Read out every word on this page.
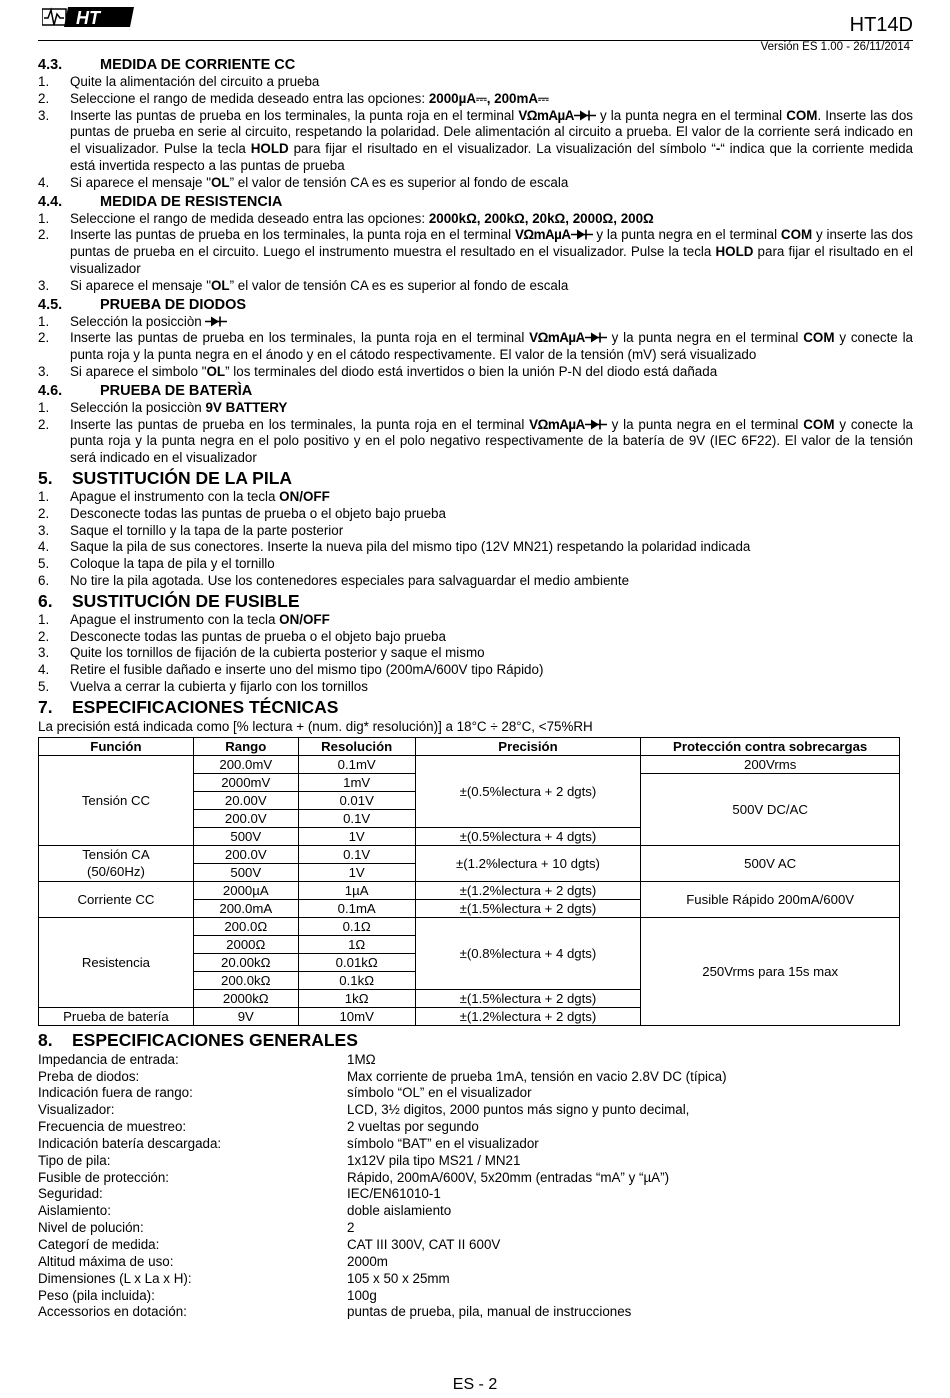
HT	HT14D
Versión ES 1.00 - 26/11/2014
4.3.	MEDIDA DE CORRIENTE CC
1.	Quite la alimentación del circuito a prueba
2.	Seleccione el rango de medida deseado entra las opciones: 2000µA⎓, 200mA⎓
3.	Inserte las puntas de prueba en los terminales, la punta roja en el terminal VΩmAµA y la punta negra en el terminal COM. Inserte las dos puntas de prueba en serie al circuito, respetando la polaridad. Dele alimentación al circuito a prueba. El valor de la corriente será indicado en el visualizador. Pulse la tecla HOLD para fijar el risultado en el visualizador. La visualización del símbolo “-“ indica que la corriente medida está invertida respecto a las puntas de prueba
4.	Si aparece el mensaje "OL” el valor de tensión CA es es superior al fondo de escala
4.4.	MEDIDA DE RESISTENCIA
1.	Seleccione el rango de medida deseado entra las opciones: 2000kΩ, 200kΩ, 20kΩ, 2000Ω, 200Ω
2.	Inserte las puntas de prueba en los terminales, la punta roja en el terminal VΩmAµA y la punta negra en el terminal COM y inserte las dos puntas de prueba en el circuito. Luego el instrumento muestra el resultado en el visualizador. Pulse la tecla HOLD para fijar el risultado en el visualizador
3.	Si aparece el mensaje "OL” el valor de tensión CA es es superior al fondo de escala
4.5.	PRUEBA DE DIODOS
1.	Selección la posicciòn
2.	Inserte las puntas de prueba en los terminales, la punta roja en el terminal VΩmAµA y la punta negra en el terminal COM y conecte la punta roja y la punta negra en el ánodo y en el cátodo respectivamente. El valor de la tensión (mV) será visualizado
3.	Si aparece el simbolo "OL” los terminales del diodo está invertidos o bien la unión P-N del diodo está dañada
4.6.	PRUEBA DE BATERÌA
1.	Selección la posicciòn 9V BATTERY
2.	Inserte las puntas de prueba en los terminales, la punta roja en el terminal VΩmAµA y la punta negra en el terminal COM y conecte la punta roja y la punta negra en el polo positivo y en el polo negativo respectivamente de la batería de 9V (IEC 6F22). El valor de la tensión será indicado en el visualizador
5. SUSTITUCIÓN DE LA PILA
1.	Apague el instrumento con la tecla ON/OFF
2.	Desconecte todas las puntas de prueba o el objeto bajo prueba
3.	Saque el tornillo y la tapa de la parte posterior
4.	Saque la pila de sus conectores. Inserte la nueva pila del mismo tipo (12V MN21) respetando la polaridad indicada
5.	Coloque la tapa de pila y el tornillo
6.	No tire la pila agotada. Use los contenedores especiales para salvaguardar el medio ambiente
6. SUSTITUCIÓN DE FUSIBLE
1.	Apague el instrumento con la tecla ON/OFF
2.	Desconecte todas las puntas de prueba o el objeto bajo prueba
3.	Quite los tornillos de fijación de la cubierta posterior y saque el mismo
4.	Retire el fusible dañado e inserte uno del mismo tipo (200mA/600V tipo Rápido)
5.	Vuelva a cerrar la cubierta y fijarlo con los tornillos
7. ESPECIFICACIONES TÉCNICAS
La precisión está indicada como [% lectura + (num. dig* resolución)] a 18°C ÷ 28°C, <75%RH
Función	Rango	Resolución	Precisión	Protección contra sobrecargas
Tensión CC	200.0mV	0.1mV	±(0.5%lectura + 2 dgts)	200Vrms
	2000mV	1mV		500V DC/AC
	20.00V	0.01V		
	200.0V	0.1V		
	500V	1V	±(0.5%lectura + 4 dgts)	
Tensión CA
(50/60Hz)	200.0V	0.1V	±(1.2%lectura + 10 dgts)	500V AC
	500V	1V		
Corriente CC	2000µA	1µA	±(1.2%lectura + 2 dgts)	Fusible Rápido 200mA/600V
	200.0mA	0.1mA	±(1.5%lectura + 2 dgts)	
Resistencia	200.0Ω	0.1Ω	±(0.8%lectura + 4 dgts)	250Vrms para 15s max
	2000Ω	1Ω		
	20.00kΩ	0.01kΩ		
	200.0kΩ	0.1kΩ		
	2000kΩ	1kΩ	±(1.5%lectura + 2 dgts)	
Prueba de batería	9V	10mV	±(1.2%lectura + 2 dgts)	
8. ESPECIFICACIONES GENERALES
Impedancia de entrada:	1MΩ
Preba de diodos:	Max corriente de prueba 1mA, tensión en vacio 2.8V DC (típica)
Indicación fuera de rango:	símbolo “OL” en el visualizador
Visualizador:	LCD, 3½ digitos, 2000 puntos más signo y punto decimal,
Frecuencia de muestreo:	2 vueltas por segundo
Indicación batería descargada:	símbolo “BAT” en el visualizador
Tipo de pila:	1x12V pila tipo MS21 / MN21
Fusible de protección:	Rápido, 200mA/600V, 5x20mm (entradas “mA” y “µA”)
Seguridad:	IEC/EN61010-1
Aislamiento:	doble aislamiento
Nivel de polución:	2
Categorí de medida:	CAT III 300V, CAT II 600V
Altitud máxima de uso:	2000m
Dimensiones (L x La x H):	105 x 50 x 25mm
Peso (pila incluida):	100g
Accessorios en dotación:	puntas de prueba, pila, manual de instrucciones
ES - 2
